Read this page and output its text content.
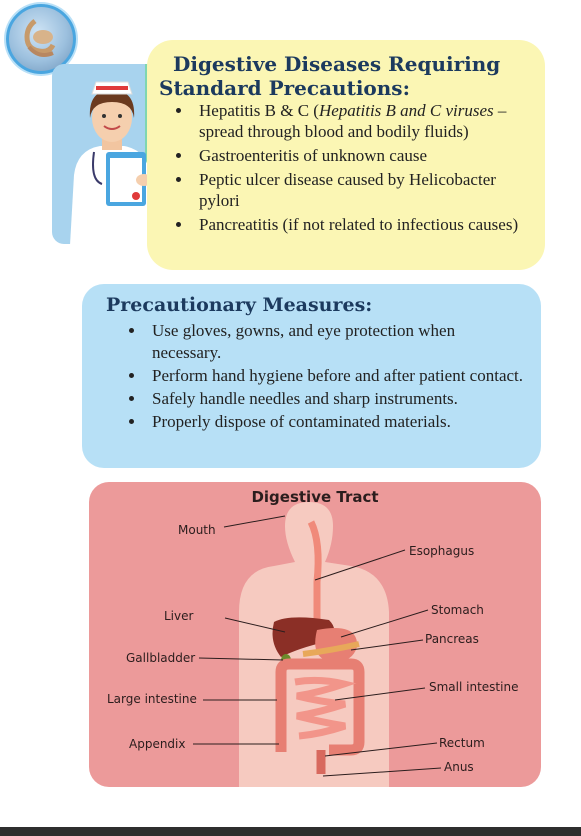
Digestive Diseases Requiring
Standard Precautions:
• Hepatitis B & C (Hepatitis B and C viruses – spread through blood and bodily fluids)
• Gastroenteritis of unknown cause
• Peptic ulcer disease caused by Helicobacter pylori
• Pancreatitis (if not related to infectious causes)
Precautionary Measures:
• Use gloves, gowns, and eye protection when necessary.
• Perform hand hygiene before and after patient contact.
• Safely handle needles and sharp instruments.
• Properly dispose of contaminated materials.
Digestive Tract
Mouth
Esophagus
Liver	Stomach
Pancreas
Gallbladder
Small intestine
Large intestine
Appendix	Rectum
Anus
